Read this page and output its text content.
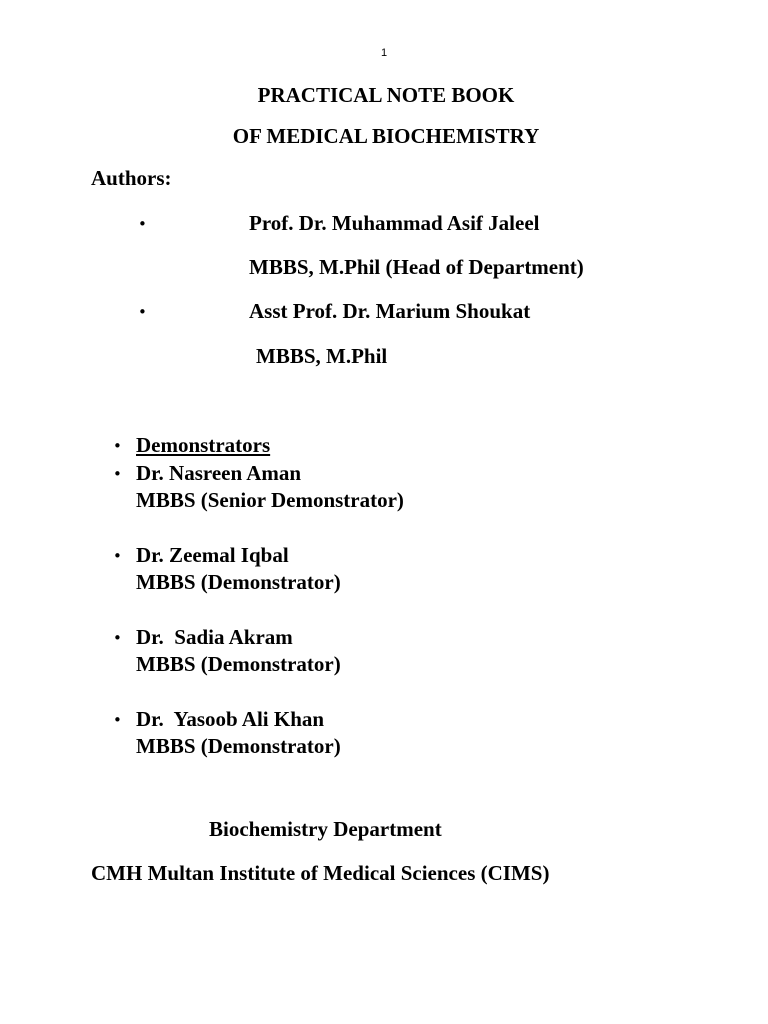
1
PRACTICAL NOTE BOOK
OF MEDICAL BIOCHEMISTRY
Authors:
•	Prof. Dr. Muhammad Asif Jaleel
MBBS, M.Phil (Head of Department)
•	Asst Prof. Dr. Marium Shoukat
MBBS, M.Phil
• Demonstrators
• Dr. Nasreen Aman
MBBS (Senior Demonstrator)
• Dr. Zeemal Iqbal
MBBS (Demonstrator)
• Dr.  Sadia Akram
MBBS (Demonstrator)
• Dr.  Yasoob Ali Khan
MBBS (Demonstrator)
Biochemistry Department
CMH Multan Institute of Medical Sciences (CIMS)
